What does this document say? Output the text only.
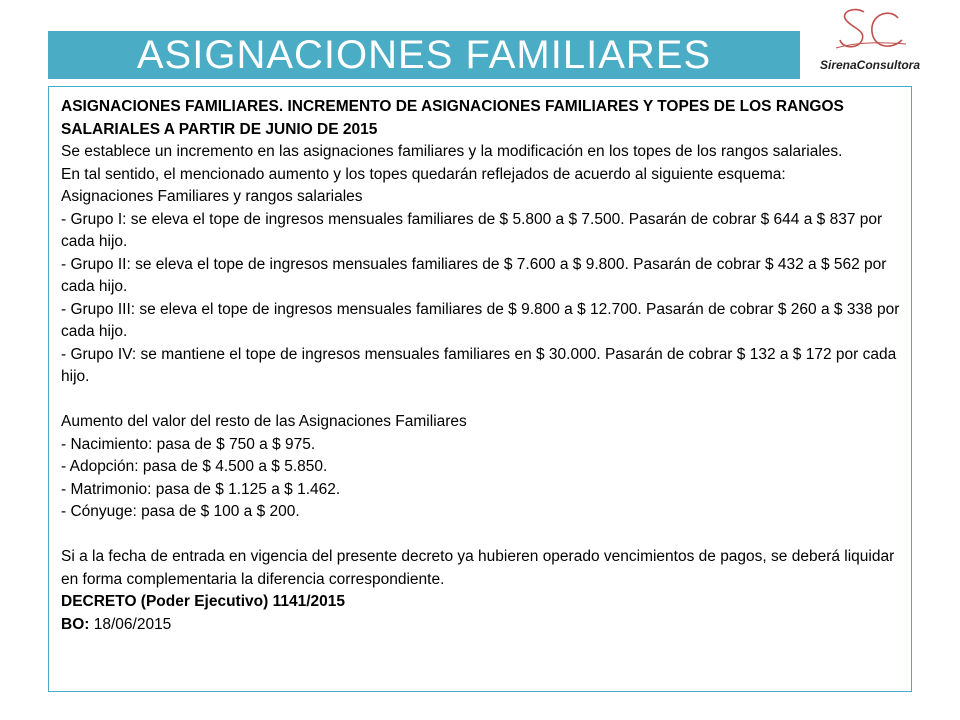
ASIGNACIONES FAMILIARES	SirenaConsultora

ASIGNACIONES FAMILIARES. INCREMENTO DE ASIGNACIONES FAMILIARES Y TOPES DE LOS RANGOS SALARIALES A PARTIR DE JUNIO DE 2015

Se establece un incremento en las asignaciones familiares y la modificación en los topes de los rangos salariales.

En tal sentido, el mencionado aumento y los topes quedarán reflejados de acuerdo al siguiente esquema:

Asignaciones Familiares y rangos salariales

- Grupo I: se eleva el tope de ingresos mensuales familiares de $ 5.800 a $ 7.500. Pasarán de cobrar $ 644 a $ 837 por cada hijo.

- Grupo II: se eleva el tope de ingresos mensuales familiares de $ 7.600 a $ 9.800. Pasarán de cobrar $ 432 a $ 562 por cada hijo.

- Grupo III: se eleva el tope de ingresos mensuales familiares de $ 9.800 a $ 12.700. Pasarán de cobrar $ 260 a $ 338 por cada hijo.

- Grupo IV: se mantiene el tope de ingresos mensuales familiares en $ 30.000. Pasarán de cobrar $ 132 a $ 172 por cada hijo.

Aumento del valor del resto de las Asignaciones Familiares

- Nacimiento: pasa de $ 750 a $ 975.

- Adopción: pasa de $ 4.500 a $ 5.850.

- Matrimonio: pasa de $ 1.125 a $ 1.462.

- Cónyuge: pasa de $ 100 a $ 200.

Si a la fecha de entrada en vigencia del presente decreto ya hubieren operado vencimientos de pagos, se deberá liquidar en forma complementaria la diferencia correspondiente.

DECRETO (Poder Ejecutivo) 1141/2015

BO: 18/06/2015
